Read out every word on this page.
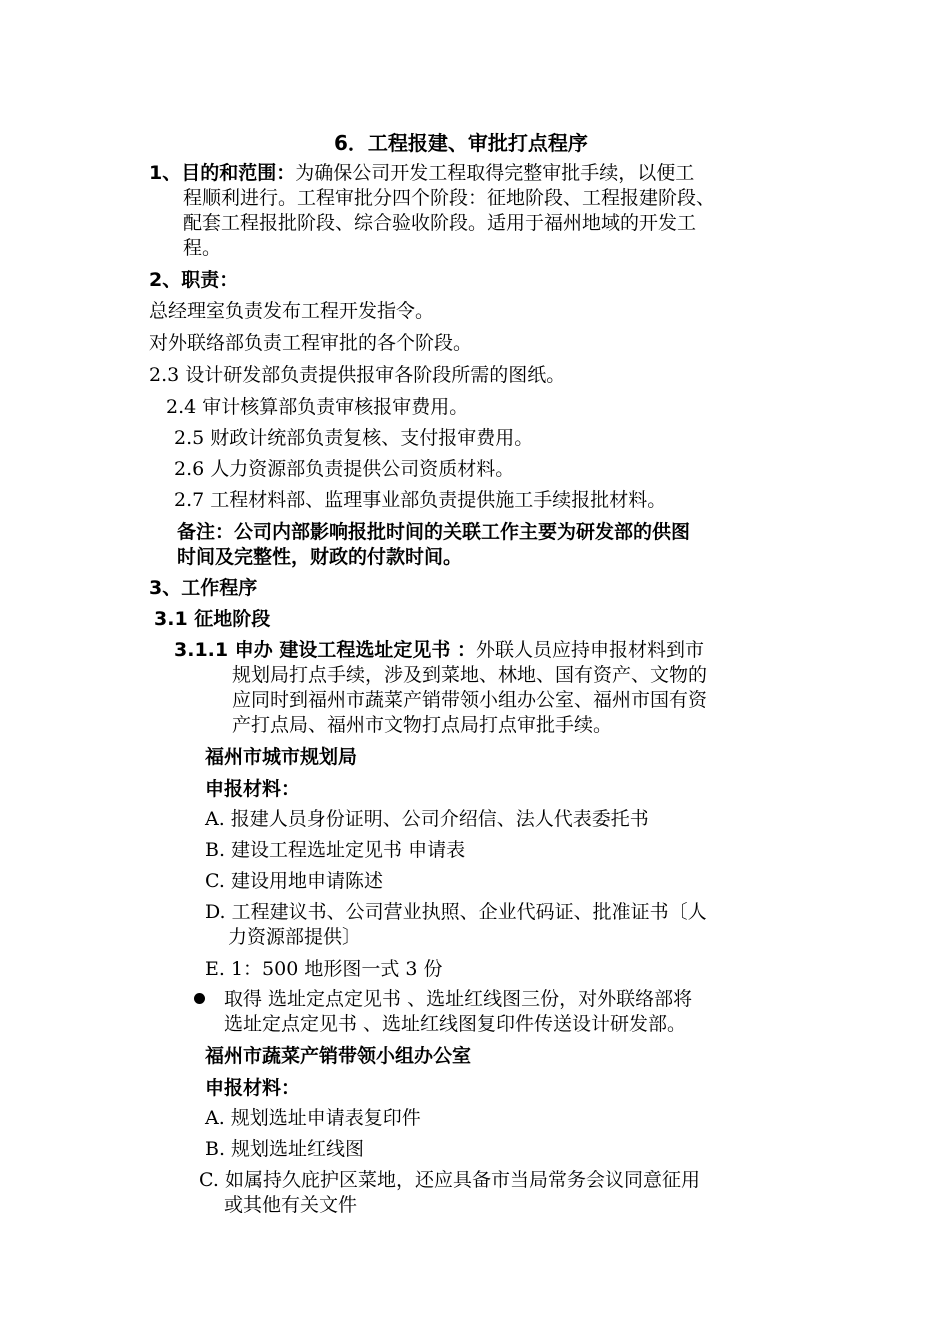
6．工程报建、审批打点程序
1、目的和范围：为确保公司开发工程取得完整审批手续，以便工
程顺利进行。工程审批分四个阶段：征地阶段、工程报建阶段、
配套工程报批阶段、综合验收阶段。适用于福州地域的开发工
程。
2、职责：
总经理室负责发布工程开发指令。
对外联络部负责工程审批的各个阶段。
2.3 设计研发部负责提供报审各阶段所需的图纸。
2.4 审计核算部负责审核报审费用。
2.5 财政计统部负责复核、支付报审费用。
2.6 人力资源部负责提供公司资质材料。
2.7 工程材料部、监理事业部负责提供施工手续报批材料。
备注：公司内部影响报批时间的关联工作主要为研发部的供图
时间及完整性，财政的付款时间。
3、工作程序
3.1 征地阶段
3.1.1 申办 建设工程选址定见书 ：外联人员应持申报材料到市
规划局打点手续，涉及到菜地、林地、国有资产、文物的
应同时到福州市蔬菜产销带领小组办公室、福州市国有资
产打点局、福州市文物打点局打点审批手续。
福州市城市规划局
申报材料：
A. 报建人员身份证明、公司介绍信、法人代表委托书
B. 建设工程选址定见书 申请表
C. 建设用地申请陈述
D. 工程建议书、公司营业执照、企业代码证、批准证书〔人
力资源部提供〕
E. 1：500 地形图一式 3 份
取得 选址定点定见书 、选址红线图三份，对外联络部将
选址定点定见书 、选址红线图复印件传送设计研发部。
福州市蔬菜产销带领小组办公室
申报材料：
A. 规划选址申请表复印件
B. 规划选址红线图
C. 如属持久庇护区菜地，还应具备市当局常务会议同意征用
或其他有关文件
